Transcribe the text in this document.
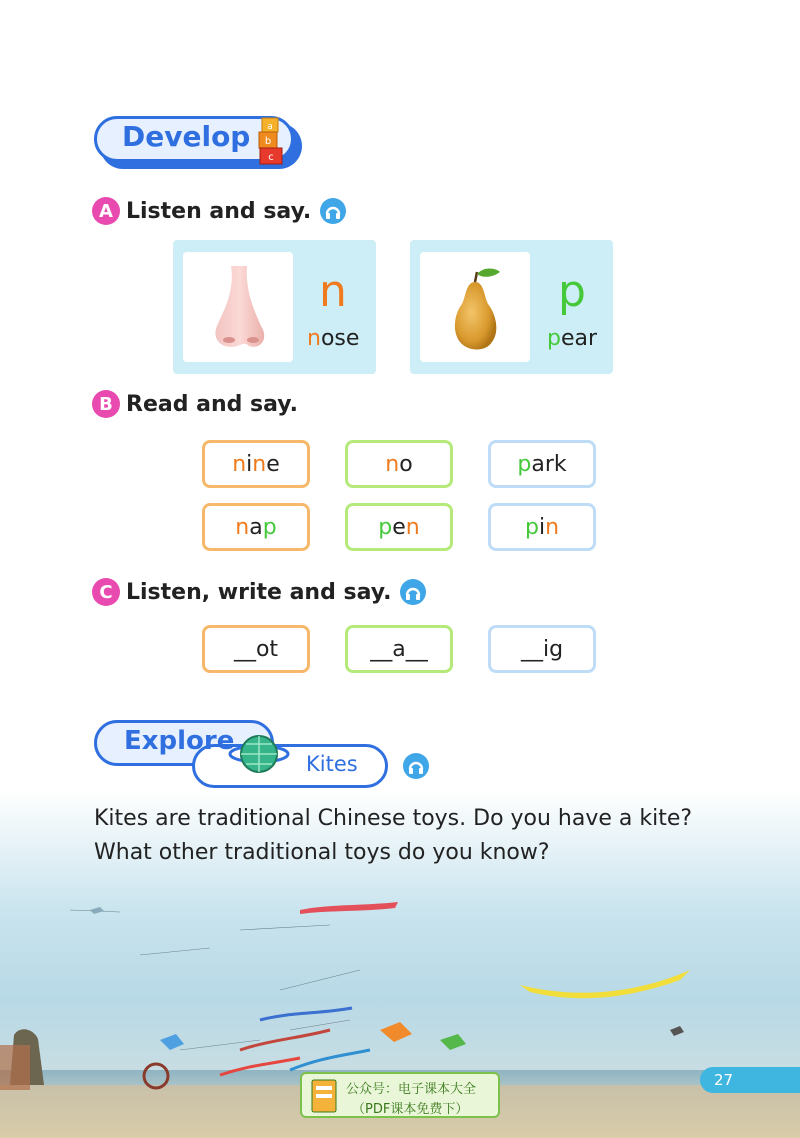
Develop a
b
c
A Listen and say.
n
nose
p
pear
B Read and say.
n i n e	n o	p ark
n a p	p e n	p i n
C Listen, write and say.
__ot	__a__	__ig
Explore
Kites
Kites are traditional Chinese toys. Do you have a kite?
What other traditional toys do you know?
公众号：电子课本大全
（PDF课本免费下）
27
